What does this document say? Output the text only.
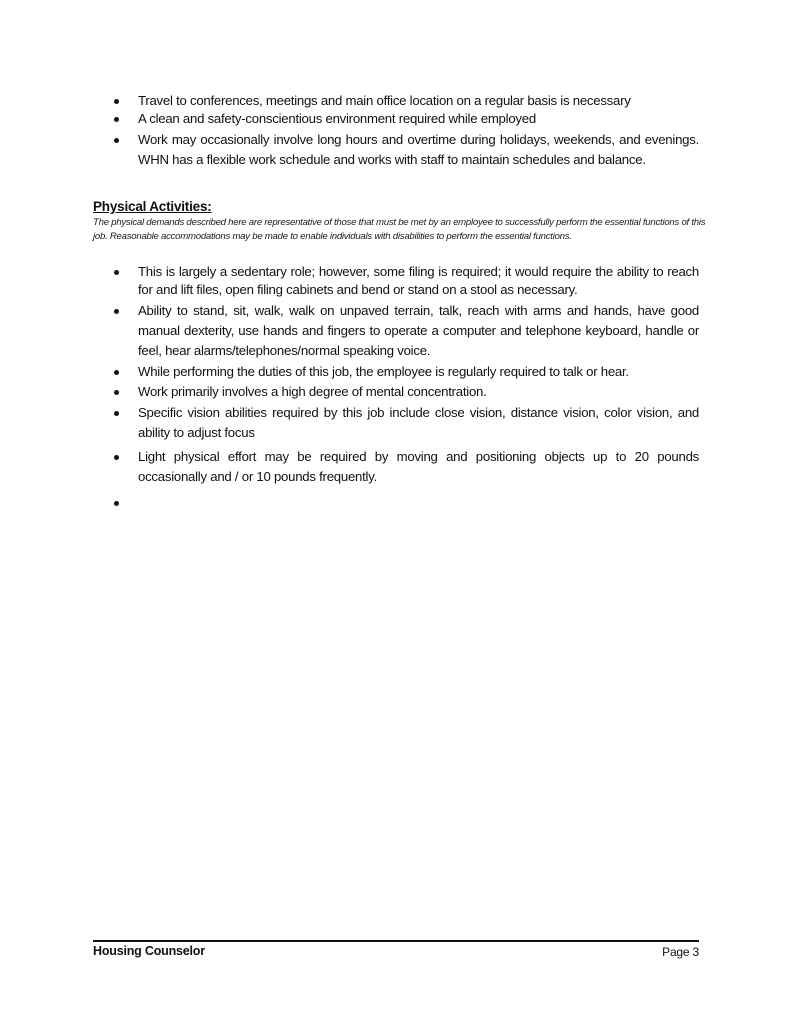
Travel to conferences, meetings and main office location on a regular basis is necessary
A clean and safety-conscientious environment required while employed
Work may occasionally involve long hours and overtime during holidays, weekends, and evenings. WHN has a flexible work schedule and works with staff to maintain schedules and balance.
Physical Activities:

The physical demands described here are representative of those that must be met by an employee to successfully perform the essential functions of this job. Reasonable accommodations may be made to enable individuals with disabilities to perform the essential functions.

This is largely a sedentary role; however, some filing is required; it would require the ability to reach for and lift files, open filing cabinets and bend or stand on a stool as necessary.
Ability to stand, sit, walk, walk on unpaved terrain, talk, reach with arms and hands, have good manual dexterity, use hands and fingers to operate a computer and telephone keyboard, handle or feel, hear alarms/telephones/normal speaking voice.
While performing the duties of this job, the employee is regularly required to talk or hear.
Work primarily involves a high degree of mental concentration.
Specific vision abilities required by this job include close vision, distance vision, color vision, and ability to adjust focus
Light physical effort may be required by moving and positioning objects up to 20 pounds occasionally and / or 10 pounds frequently.

Housing Counselor	Page 3
